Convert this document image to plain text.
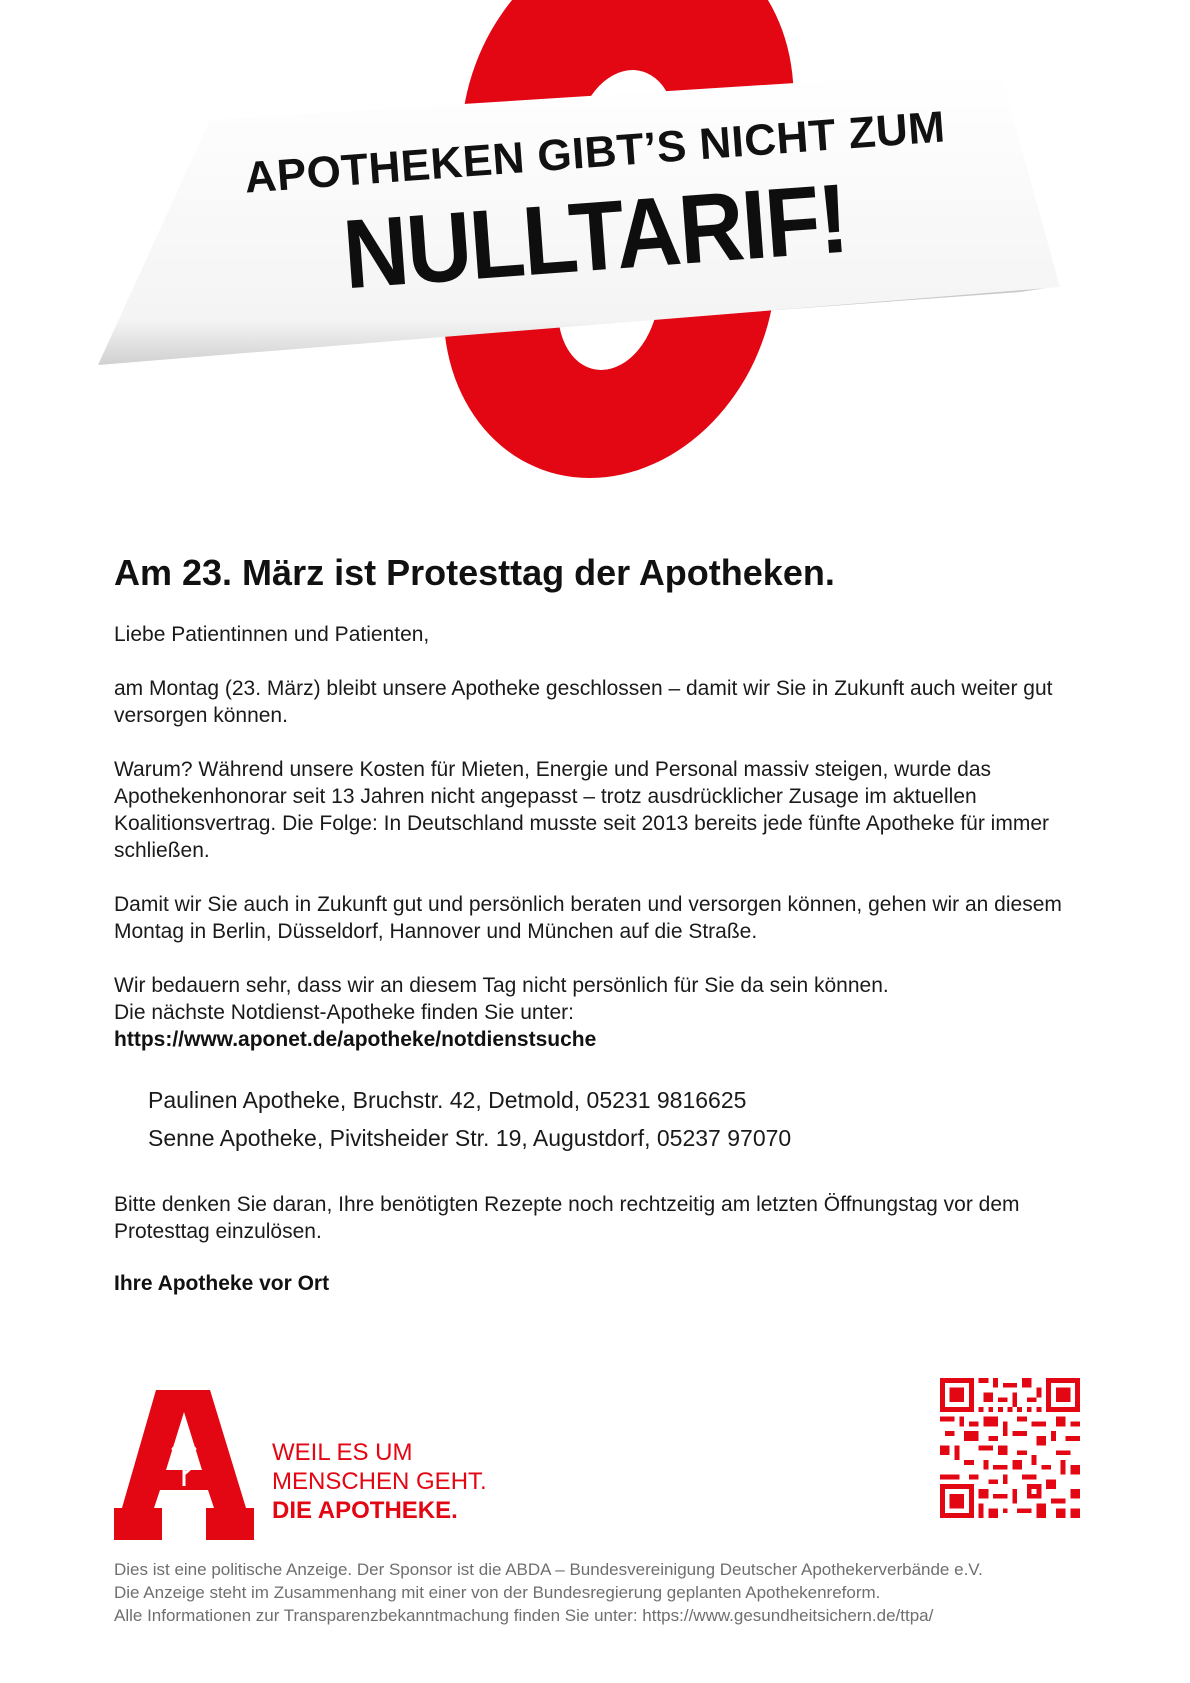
APOTHEKEN GIBT’S NICHT ZUM
NULLTARIF!
Am 23. März ist Protesttag der Apotheken.

Liebe Patientinnen und Patienten,

am Montag (23. März) bleibt unsere Apotheke geschlossen – damit wir Sie in Zukunft auch weiter gut versorgen können.

Warum? Während unsere Kosten für Mieten, Energie und Personal massiv steigen, wurde das Apothekenhonorar seit 13 Jahren nicht angepasst – trotz ausdrücklicher Zusage im aktuellen Koalitionsvertrag. Die Folge: In Deutschland musste seit 2013 bereits jede fünfte Apotheke für immer schließen.

Damit wir Sie auch in Zukunft gut und persönlich beraten und versorgen können, gehen wir an diesem Montag in Berlin, Düsseldorf, Hannover und München auf die Straße.

Wir bedauern sehr, dass wir an diesem Tag nicht persönlich für Sie da sein können.
Die nächste Notdienst-Apotheke finden Sie unter:

https://www.aponet.de/apotheke/notdienstsuche
Paulinen Apotheke, Bruchstr. 42, Detmold, 05231 9816625
Senne Apotheke, Pivitsheider Str. 19, Augustdorf, 05237 97070

Bitte denken Sie daran, Ihre benötigten Rezepte noch rechtzeitig am letzten Öffnungstag vor dem Protesttag einzulösen.

Ihre Apotheke vor Ort
WEIL ES UM
MENSCHEN GEHT.
DIE APOTHEKE.
Dies ist eine politische Anzeige. Der Sponsor ist die ABDA – Bundesvereinigung Deutscher Apothekerverbände e.V.
Die Anzeige steht im Zusammenhang mit einer von der Bundesregierung geplanten Apothekenreform.
Alle Informationen zur Transparenzbekanntmachung finden Sie unter: https://www.gesundheitsichern.de/ttpa/
